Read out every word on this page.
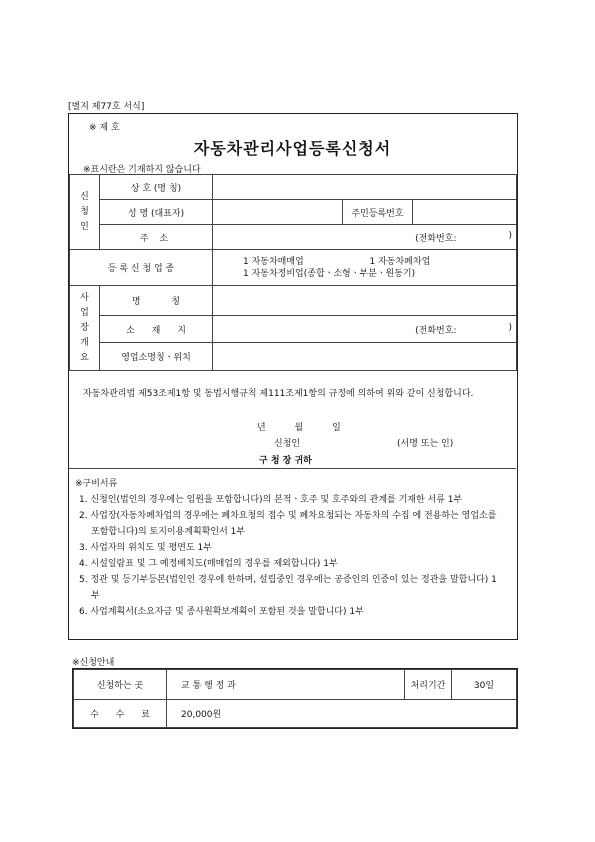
[별지 제77호 서식]
※ 제 호
자동차관리사업등록신청서
※표시란은 기재하지 않습니다
신
청
인	상 호 (명 칭)			
	성 명 (대표자)		주민등록번호	
	주 소	(전화번호: )		

등 록 신 청 업 종		1 자동차매매업 1 자동차폐차업
1 자동차정비업(종합ㆍ소형ㆍ부분ㆍ원동기)		
사
업
장
개
요	명 칭			
	소 재 지	(전화번호: )		

	영업소명칭ㆍ위치			
자동차관리법 제53조제1항 및 동법시행규칙 제111조제1항의 규정에 의하여 위와 같이 신청합니다.
년 월 일
신청인	(서명 또는 인)
구 청 장 귀하
※구비서류
1. 신청인(법인의 경우에는 임원을 포함합니다)의 본적ㆍ호주 및 호주와의 관계를 기재한 서류 1부
2. 사업장(자동차폐차업의 경우에는 폐차요청의 접수 및 폐차요청되는 자동차의 수집 에 전용하는 영업소를 포함합니다)의 토지이용계획확인서 1부
3. 사업자의 위치도 및 평면도 1부
4. 시설일람표 및 그 예정배치도(매매업의 경우를 제외합니다) 1부
5. 정관 및 등기부등본(법인인 경우에 한하며, 설립중인 경우에는 공증인의 인증이 있는 정관을 말합니다) 1부
6. 사업계획서(소요자금 및 종사원확보계획이 포함된 것을 말합니다) 1부
※신청안내
신청하는 곳	교 통 행 정 과	처리기간	30일
수 수 료	20,000원		
